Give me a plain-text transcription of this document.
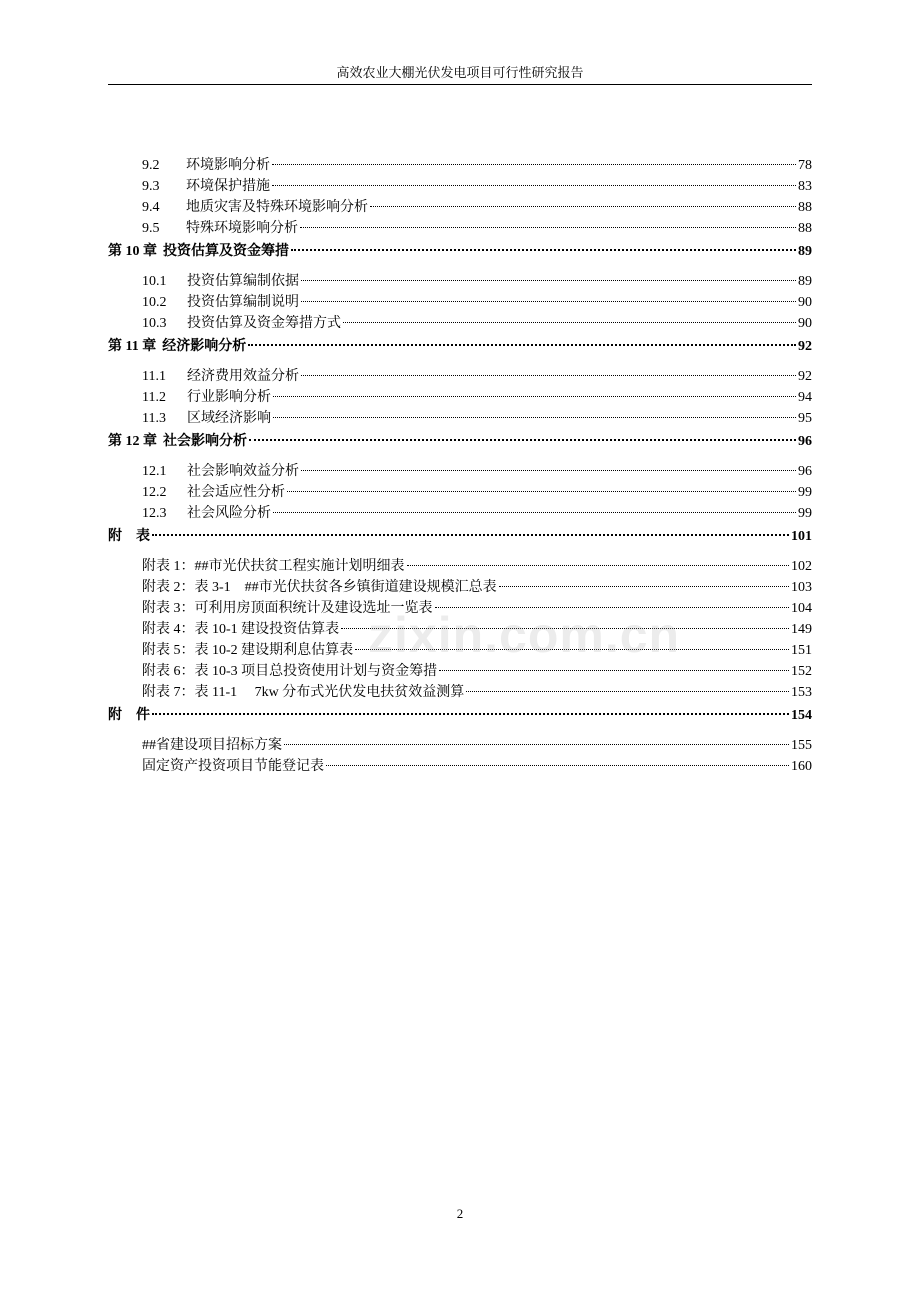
高效农业大棚光伏发电项目可行性研究报告
9.2	环境影响分析	78
9.3	环境保护措施	83
9.4	地质灾害及特殊环境影响分析	88
9.5	特殊环境影响分析	88
第 10 章 投资估算及资金筹措	89
10.1	投资估算编制依据	89
10.2	投资估算编制说明	90
10.3	投资估算及资金筹措方式	90
第 11 章 经济影响分析	92
11.1	经济费用效益分析	92
11.2	行业影响分析	94
11.3	区域经济影响	95
第 12 章 社会影响分析	96
12.1	社会影响效益分析	96
12.2	社会适应性分析	99
12.3	社会风险分析	99
附　表	101
附表 1：##市光伏扶贫工程实施计划明细表	102
附表 2：表 3-1　##市光伏扶贫各乡镇街道建设规模汇总表	103
附表 3：可利用房顶面积统计及建设选址一览表	104
附表 4：表 10-1 建设投资估算表	149
附表 5：表 10-2 建设期利息估算表	151
附表 6：表 10-3 项目总投资使用计划与资金筹措	152
附表 7：表 11-1　 7kw 分布式光伏发电扶贫效益测算	153
附　件	154
##省建设项目招标方案	155
固定资产投资项目节能登记表	160
zixin.com.cn
2
